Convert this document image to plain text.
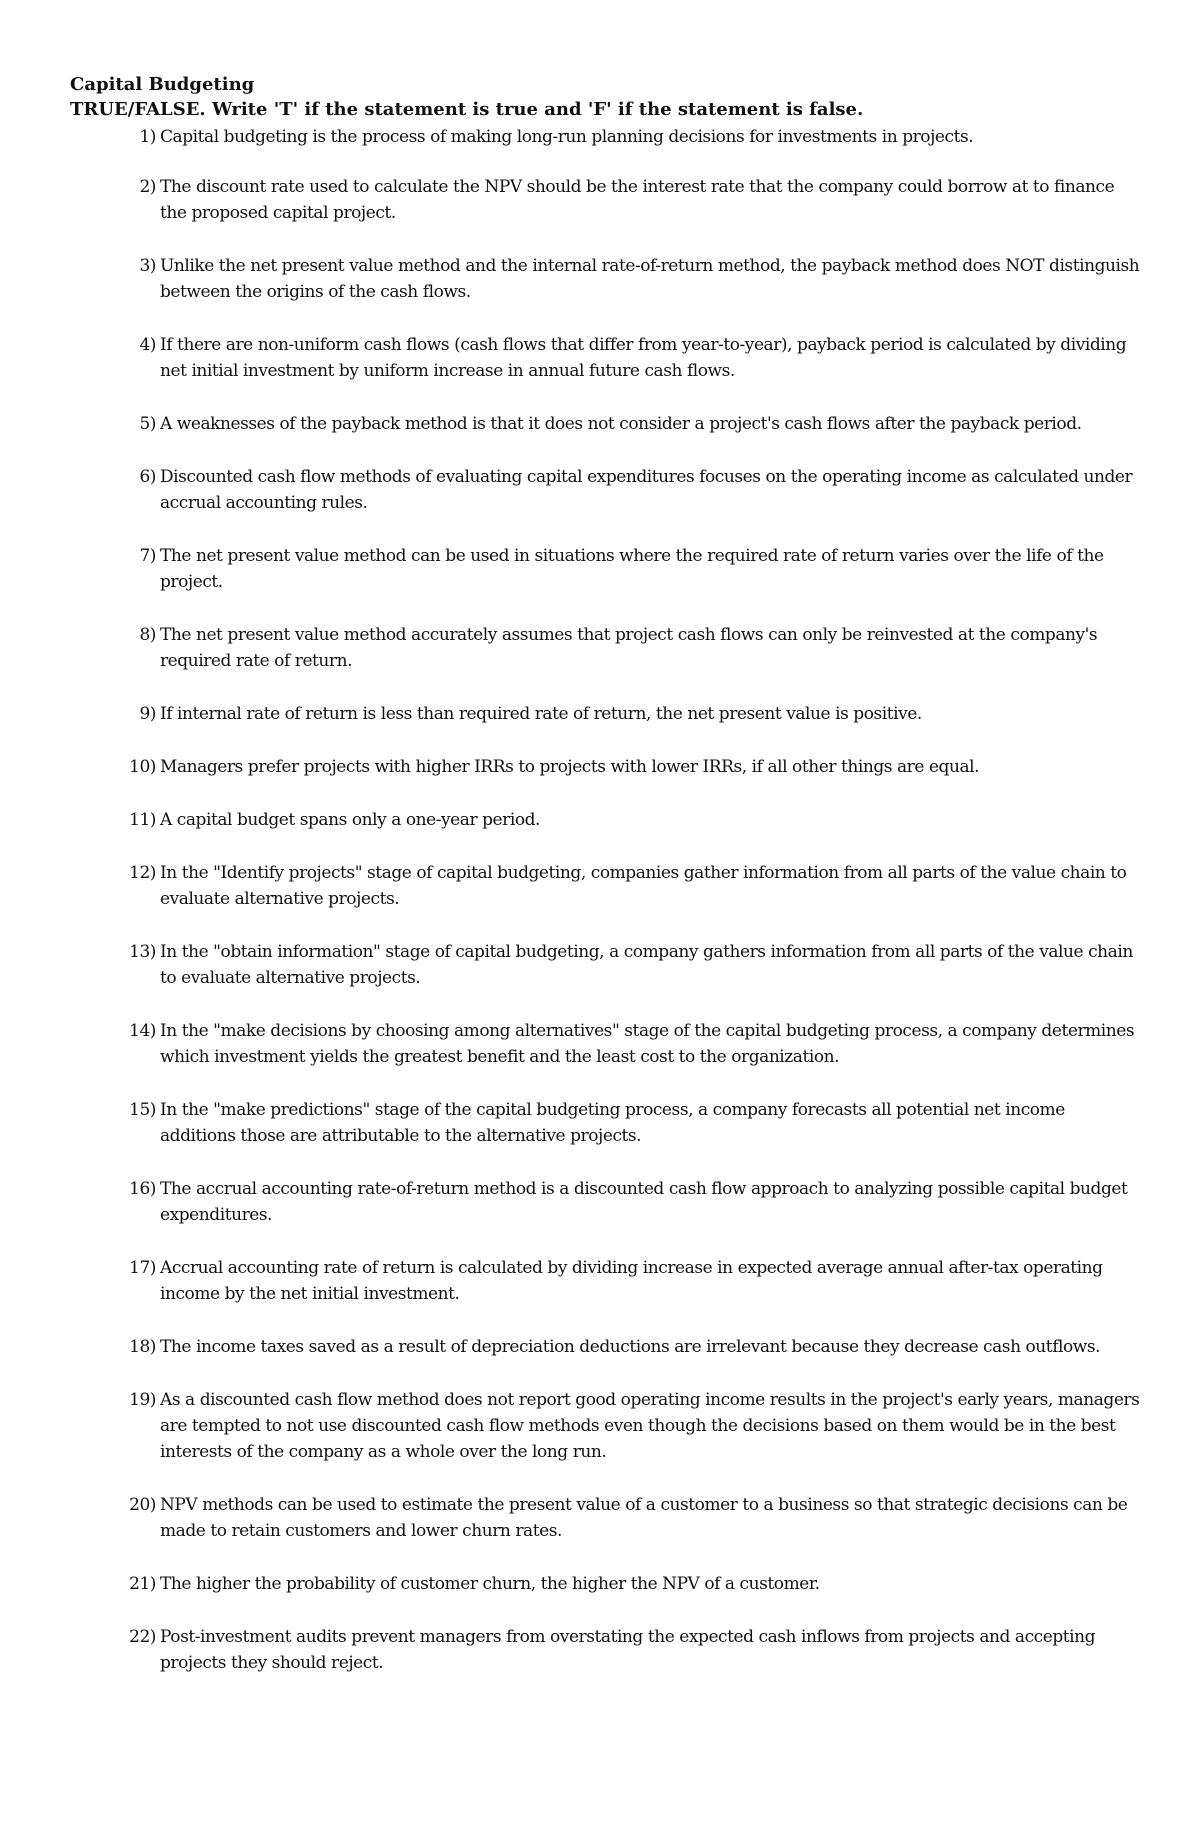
Capital Budgeting
TRUE/FALSE. Write 'T' if the statement is true and 'F' if the statement is false.
1) Capital budgeting is the process of making long-run planning decisions for investments in projects.
2) The discount rate used to calculate the NPV should be the interest rate that the company could borrow at to finance the proposed capital project.
3) Unlike the net present value method and the internal rate-of-return method, the payback method does NOT distinguish between the origins of the cash flows.
4) If there are non-uniform cash flows (cash flows that differ from year-to-year), payback period is calculated by dividing net initial investment by uniform increase in annual future cash flows.
5) A weaknesses of the payback method is that it does not consider a project's cash flows after the payback period.
6) Discounted cash flow methods of evaluating capital expenditures focuses on the operating income as calculated under accrual accounting rules.
7) The net present value method can be used in situations where the required rate of return varies over the life of the project.
8) The net present value method accurately assumes that project cash flows can only be reinvested at the company's required rate of return.
9) If internal rate of return is less than required rate of return, the net present value is positive.
10) Managers prefer projects with higher IRRs to projects with lower IRRs, if all other things are equal.
11) A capital budget spans only a one-year period.
12) In the "Identify projects" stage of capital budgeting, companies gather information from all parts of the value chain to evaluate alternative projects.
13) In the "obtain information" stage of capital budgeting, a company gathers information from all parts of the value chain to evaluate alternative projects.
14) In the "make decisions by choosing among alternatives" stage of the capital budgeting process, a company determines which investment yields the greatest benefit and the least cost to the organization.
15) In the "make predictions" stage of the capital budgeting process, a company forecasts all potential net income additions those are attributable to the alternative projects.
16) The accrual accounting rate-of-return method is a discounted cash flow approach to analyzing possible capital budget expenditures.
17) Accrual accounting rate of return is calculated by dividing increase in expected average annual after-tax operating income by the net initial investment.
18) The income taxes saved as a result of depreciation deductions are irrelevant because they decrease cash outflows.
19) As a discounted cash flow method does not report good operating income results in the project's early years, managers are tempted to not use discounted cash flow methods even though the decisions based on them would be in the best interests of the company as a whole over the long run.
20) NPV methods can be used to estimate the present value of a customer to a business so that strategic decisions can be made to retain customers and lower churn rates.
21) The higher the probability of customer churn, the higher the NPV of a customer.
22) Post-investment audits prevent managers from overstating the expected cash inflows from projects and accepting projects they should reject.
